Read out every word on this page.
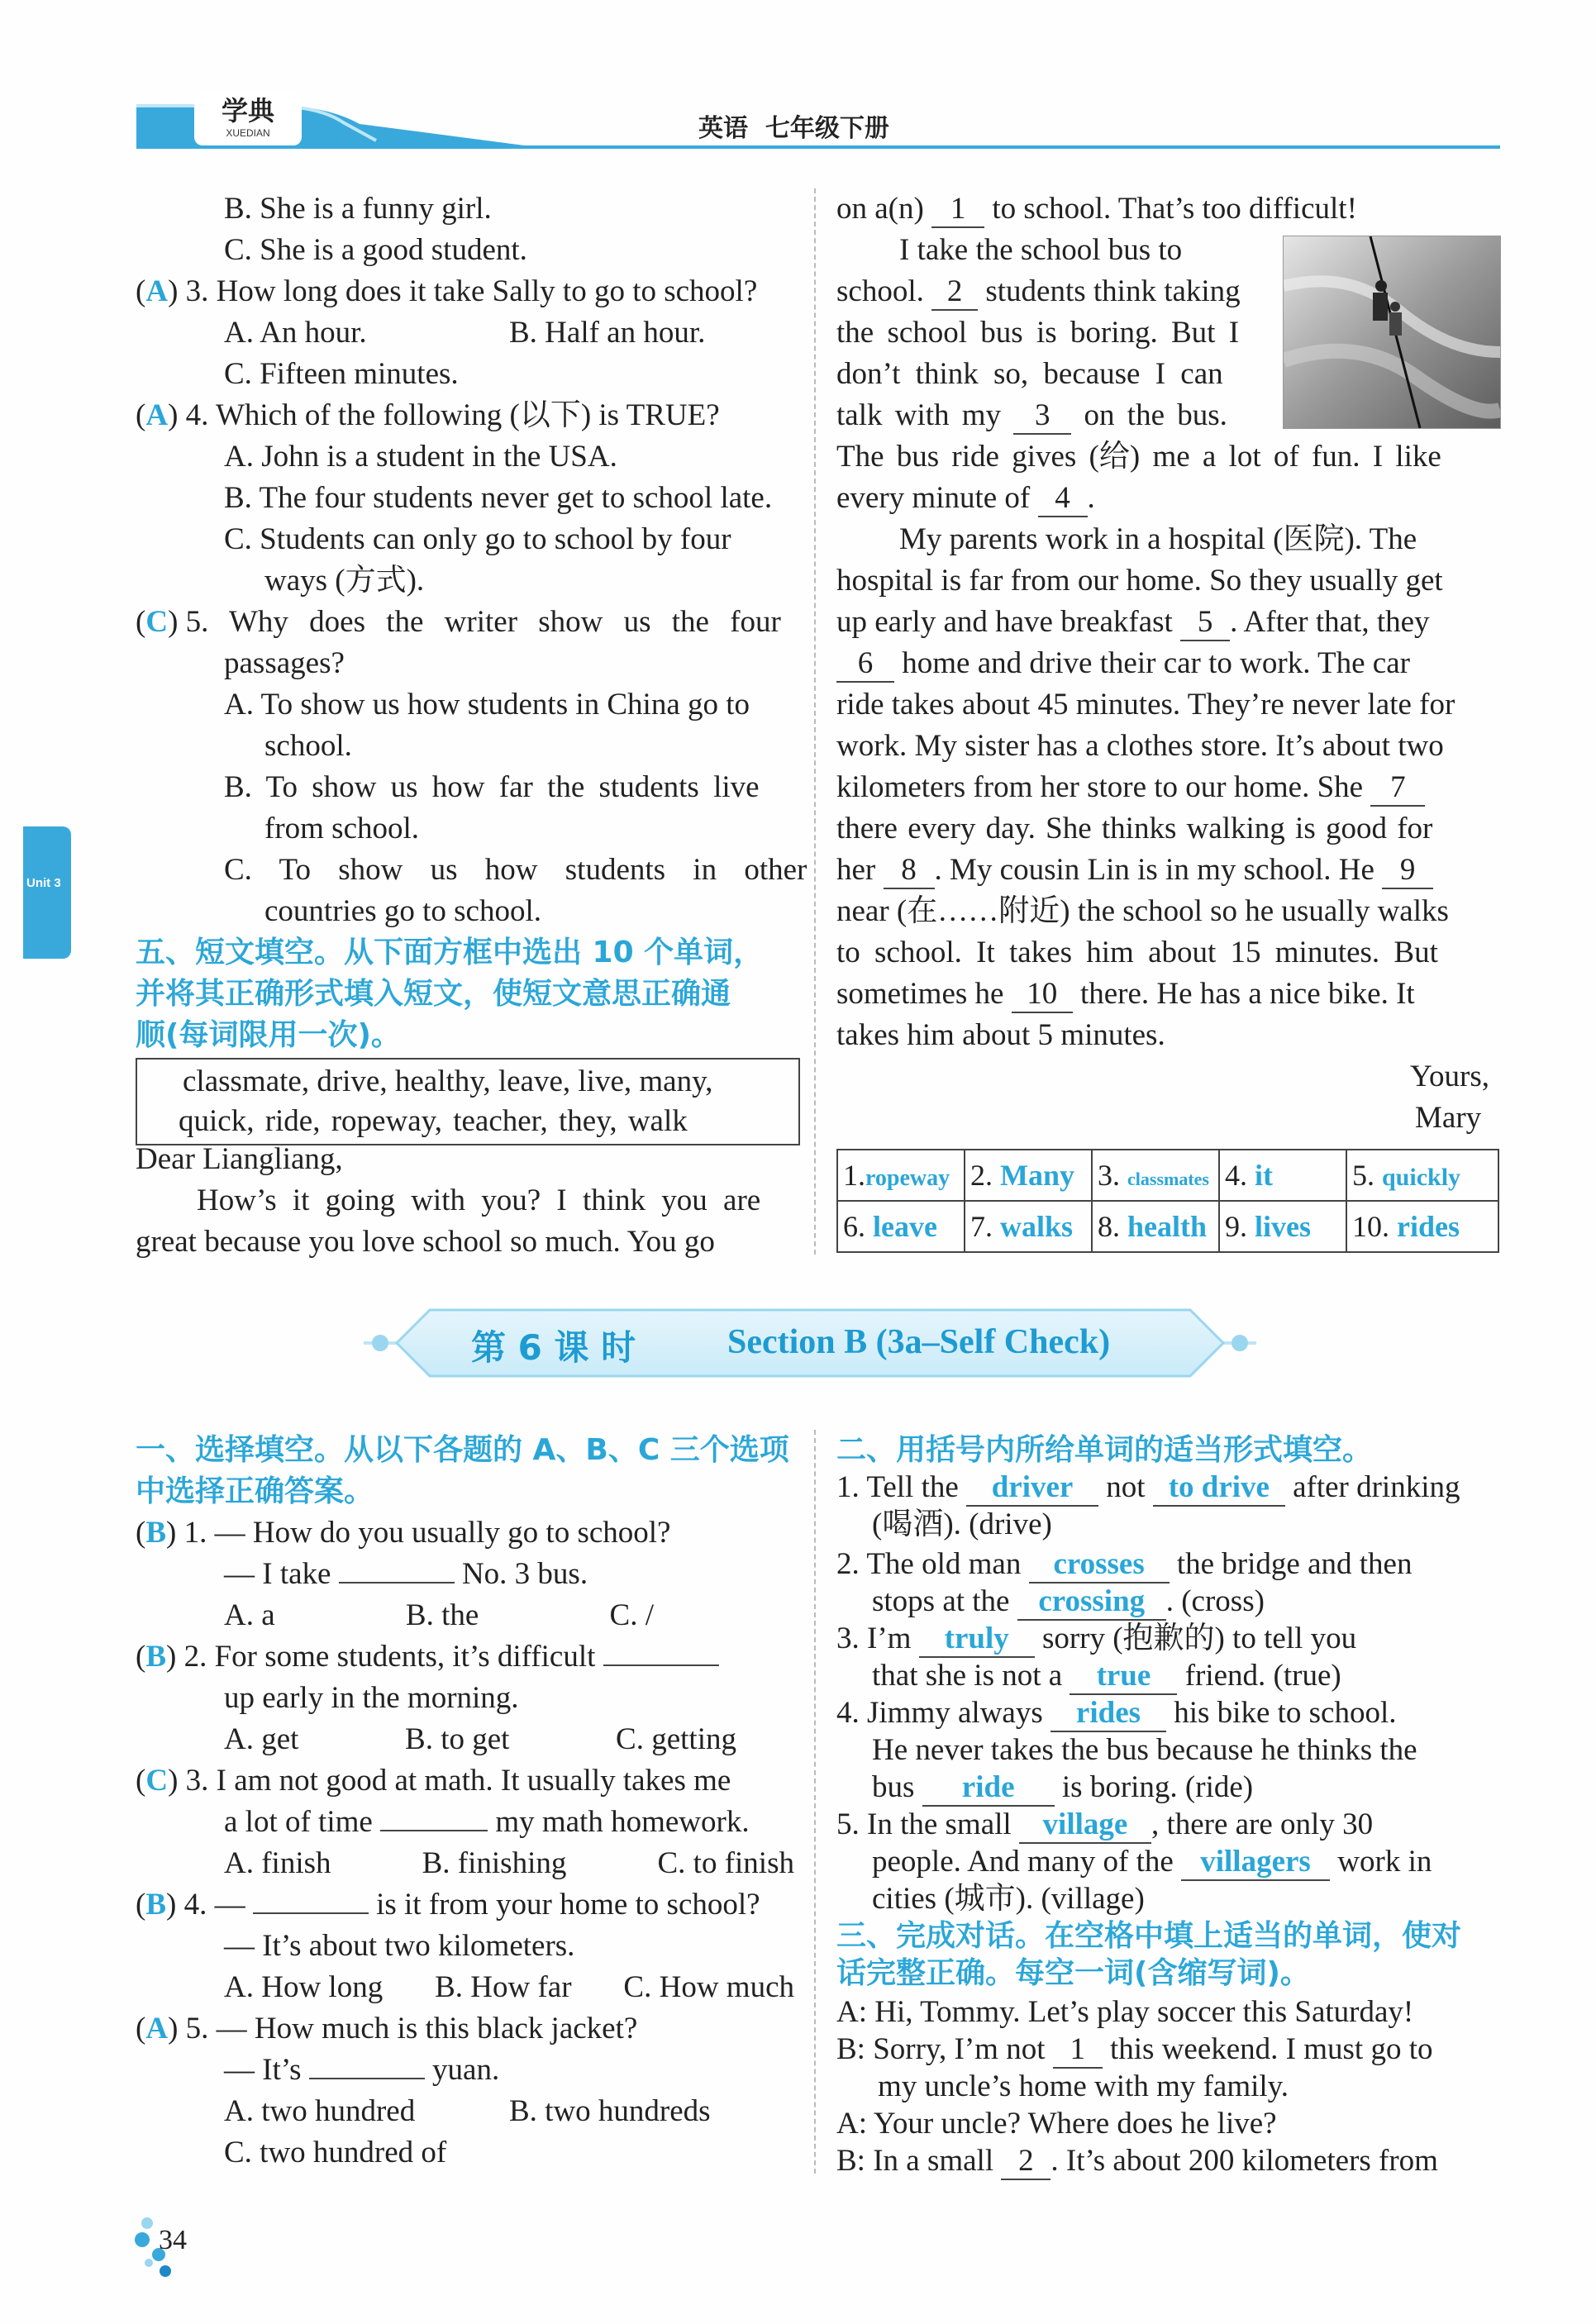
学典
XUEDIAN	英语  七年级下册
Unit 3
B. She is a funny girl.
C. She is a good student.
(A) 3. How long does it take Sally to go to school?
A. An hour.	B. Half an hour.
C. Fifteen minutes.
(A) 4. Which of the following (以下) is TRUE?
A. John is a student in the USA.
B. The four students never get to school late.
C. Students can only go to school by four
ways (方式).
(C) 5. Why does the writer show us the four
passages?
A. To show us how students in China go to
school.
B. To show us how far the students live
from school.
C. To show us how students in other
countries go to school.
五、短文填空。从下面方框中选出 10 个单词，
并将其正确形式填入短文，使短文意思正确通
顺(每词限用一次)。
classmate, drive, healthy, leave, live, many,
quick, ride, ropeway, teacher, they, walk
Dear Liangliang,
How’s it going with you? I think you are
great because you love school so much. You go
on a(n) 1 to school. That’s too difficult!
I take the school bus to
school. 2 students think taking
the school bus is boring. But I
don’t think so, because I can
talk with my 3 on the bus.
The bus ride gives (给) me a lot of fun. I like
every minute of 4 .
My parents work in a hospital (医院). The
hospital is far from our home. So they usually get
up early and have breakfast 5 . After that, they
6 home and drive their car to work. The car
ride takes about 45 minutes. They’re never late for
work. My sister has a clothes store. It’s about two
kilometers from her store to our home. She 7
there every day. She thinks walking is good for
her 8 . My cousin Lin is in my school. He 9
near (在……附近) the school so he usually walks
to school. It takes him about 15 minutes. But
sometimes he 10 there. He has a nice bike. It
takes him about 5 minutes.
Yours,
Mary
1.ropeway	2. Many	3. classmates	4. it	5. quickly
6. leave	7. walks	8. health	9. lives	10. rides
第 6 课 时	Section B (3a–Self Check)
一、选择填空。从以下各题的 A、B、C 三个选项
中选择正确答案。
(B) 1. — How do you usually go to school?
— I take	No. 3 bus.
A. a	B. the	C. /
(B) 2. For some students, it’s difficult
up early in the morning.
A. get	B. to get	C. getting
(C) 3. I am not good at math. It usually takes me
a lot of time	my math homework.
A. finish	B. finishing	C. to finish
(B) 4. —	is it from your home to school?
— It’s about two kilometers.
A. How long B. How far C. How much
(A) 5. — How much is this black jacket?
— It’s	yuan.
A. two hundred	B. two hundreds
C. two hundred of
二、用括号内所给单词的适当形式填空。
1. Tell the driver not to drive after drinking
(喝酒). (drive)
2. The old man crosses the bridge and then
stops at the crossing . (cross)
3. I’m truly sorry (抱歉的) to tell you
that she is not a true friend. (true)
4. Jimmy always rides his bike to school.
He never takes the bus because he thinks the
bus ride is boring. (ride)
5. In the small village , there are only 30
people. And many of the villagers work in
cities (城市). (village)
三、完成对话。在空格中填上适当的单词，使对
话完整正确。每空一词(含缩写词)。
A: Hi, Tommy. Let’s play soccer this Saturday!
B: Sorry, I’m not 1 this weekend. I must go to
my uncle’s home with my family.
A: Your uncle? Where does he live?
B: In a small 2 . It’s about 200 kilometers from
34
